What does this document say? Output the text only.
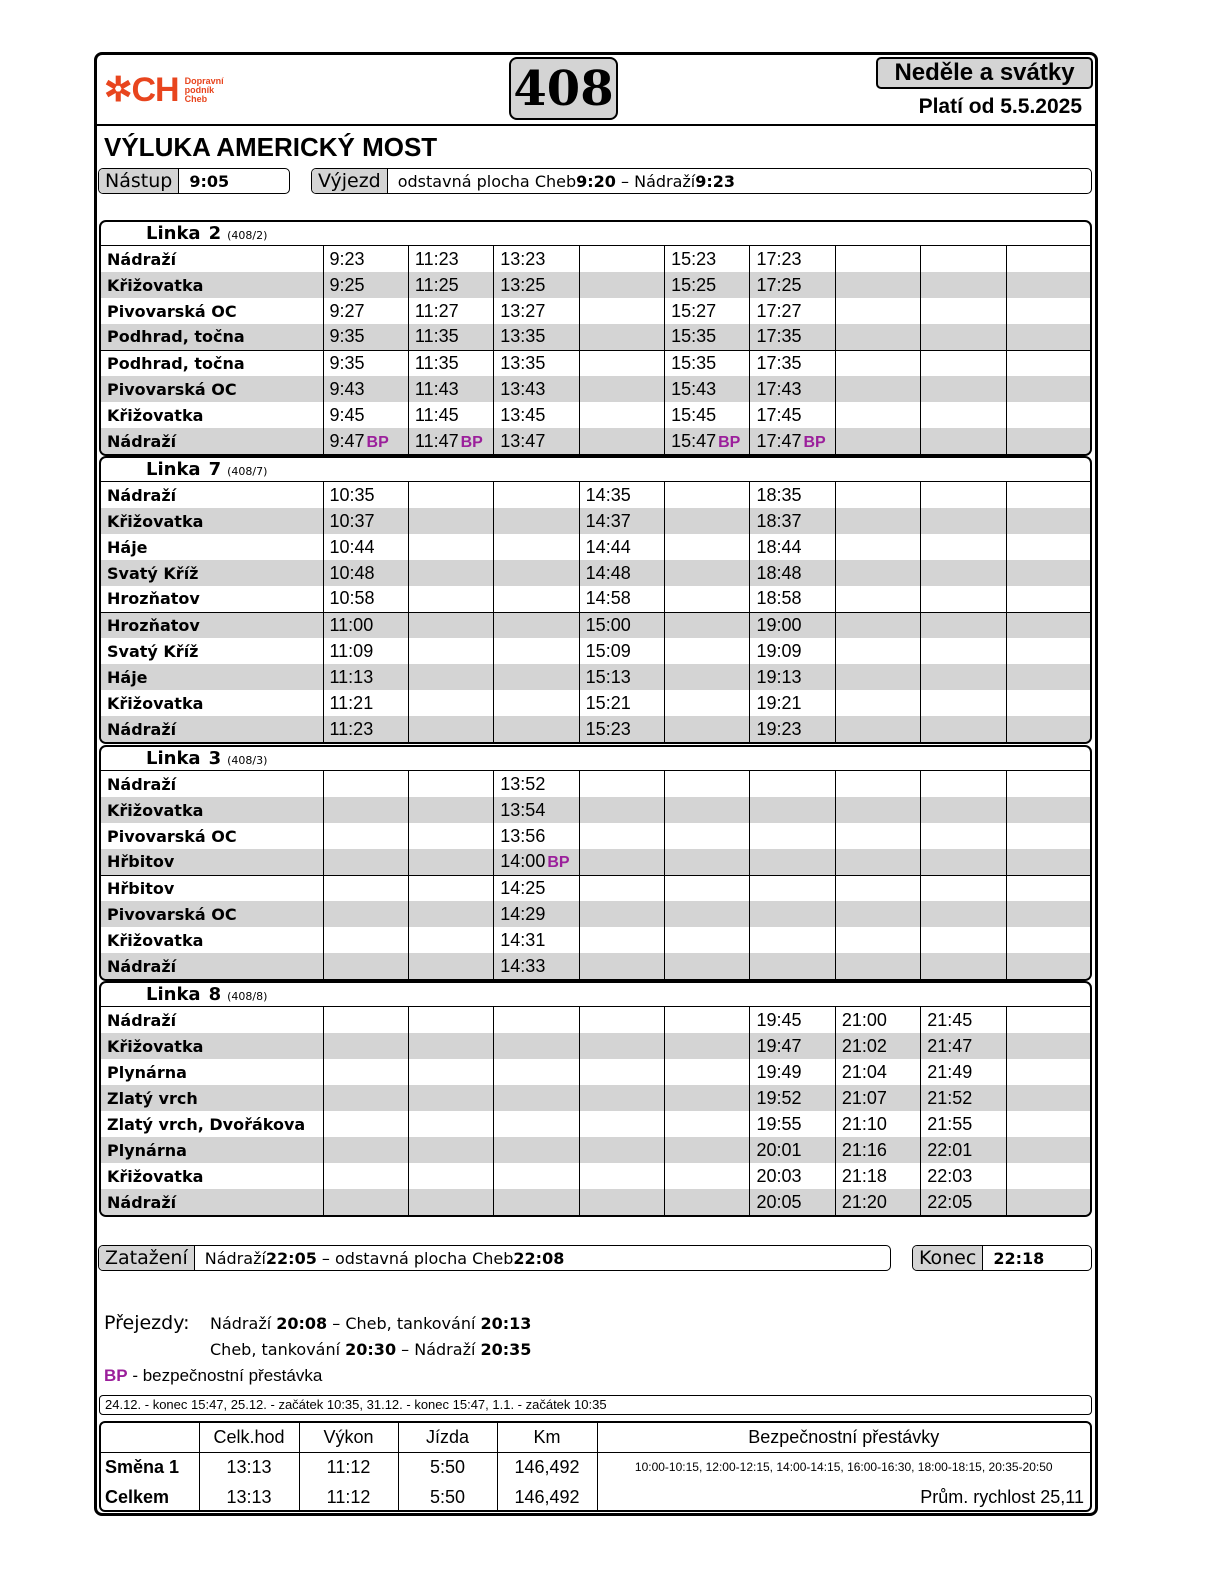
✲CH Dopravní
podník
Cheb	408	Neděle a svátky
Platí od 5.5.2025
VÝLUKA AMERICKÝ MOST
Nástup	9:05	Výjezd	odstavná plocha Cheb 9:20 – Nádraží 9:23
Linka 2 (408/2)
Nádraží	9:23	11:23	13:23		15:23	17:23			
Křižovatka	9:25	11:25	13:25		15:25	17:25			
Pivovarská OC	9:27	11:27	13:27		15:27	17:27			
Podhrad, točna	9:35	11:35	13:35		15:35	17:35			
Podhrad, točna	9:35	11:35	13:35		15:35	17:35			
Pivovarská OC	9:43	11:43	13:43		15:43	17:43			
Křižovatka	9:45	11:45	13:45		15:45	17:45			
Nádraží	9:47 BP	11:47 BP	13:47		15:47 BP	17:47 BP			
Linka 7 (408/7)
Nádraží	10:35			14:35		18:35			
Křižovatka	10:37			14:37		18:37			
Háje	10:44			14:44		18:44			
Svatý Kříž	10:48			14:48		18:48			
Hrozňatov	10:58			14:58		18:58			
Hrozňatov	11:00			15:00		19:00			
Svatý Kříž	11:09			15:09		19:09			
Háje	11:13			15:13		19:13			
Křižovatka	11:21			15:21		19:21			
Nádraží	11:23			15:23		19:23			
Linka 3 (408/3)
Nádraží			13:52						
Křižovatka			13:54						
Pivovarská OC			13:56						
Hřbitov			14:00 BP						
Hřbitov			14:25						
Pivovarská OC			14:29						
Křižovatka			14:31						
Nádraží			14:33						
Linka 8 (408/8)
Nádraží						19:45	21:00	21:45	
Křižovatka						19:47	21:02	21:47	
Plynárna						19:49	21:04	21:49	
Zlatý vrch						19:52	21:07	21:52	
Zlatý vrch, Dvořákova						19:55	21:10	21:55	
Plynárna						20:01	21:16	22:01	
Křižovatka						20:03	21:18	22:03	
Nádraží						20:05	21:20	22:05	
Zatažení	Nádraží 22:05 – odstavná plocha Cheb 22:08	Konec	22:18
Přejezdy: Nádraží 20:08 – Cheb, tankování 20:13
Cheb, tankování 20:30 – Nádraží 20:35
BP - bezpečnostní přestávka
24.12. - konec 15:47, 25.12. - začátek 10:35, 31.12. - konec 15:47, 1.1. - začátek 10:35
	Celk.hod	Výkon	Jízda	Km	Bezpečnostní přestávky
Směna 1	13:13	11:12	5:50	146,492	10:00-10:15, 12:00-12:15, 14:00-14:15, 16:00-16:30, 18:00-18:15, 20:35-20:50
Celkem	13:13	11:12	5:50	146,492	Prům. rychlost 25,11
